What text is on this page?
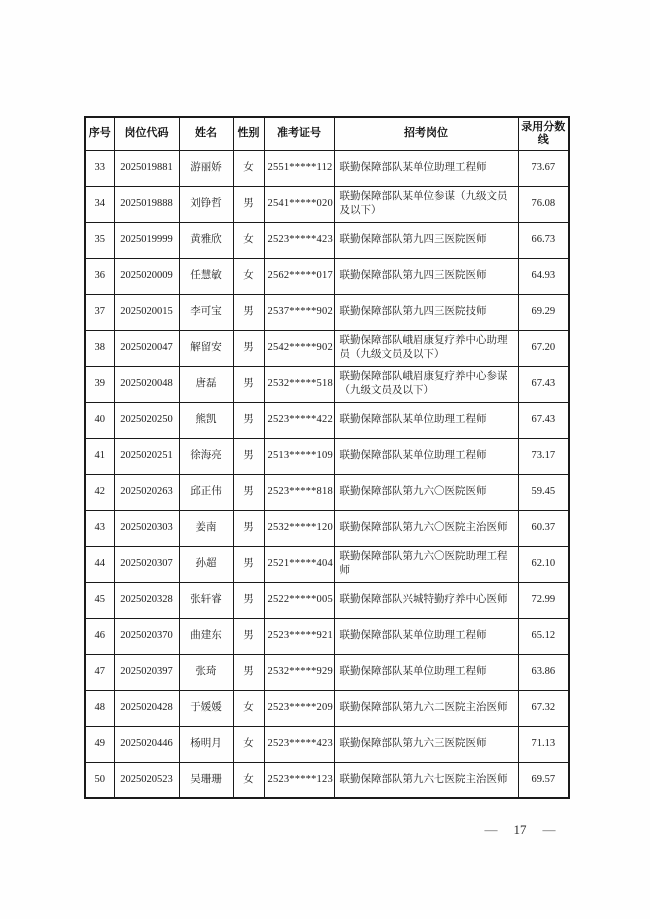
序号	岗位代码	姓名	性别	准考证号	招考岗位	录用分数线
33	2025019881	游丽娇	女	2551*****112	联勤保障部队某单位助理工程师	73.67
34	2025019888	刘铮哲	男	2541*****020	联勤保障部队某单位参谋（九级文员及以下）	76.08
35	2025019999	黄雅欣	女	2523*****423	联勤保障部队第九四三医院医师	66.73
36	2025020009	任慧敏	女	2562*****017	联勤保障部队第九四三医院医师	64.93
37	2025020015	李可宝	男	2537*****902	联勤保障部队第九四三医院技师	69.29
38	2025020047	解留安	男	2542*****902	联勤保障部队峨眉康复疗养中心助理员（九级文员及以下）	67.20
39	2025020048	唐磊	男	2532*****518	联勤保障部队峨眉康复疗养中心参谋（九级文员及以下）	67.43
40	2025020250	熊凯	男	2523*****422	联勤保障部队某单位助理工程师	67.43
41	2025020251	徐海亮	男	2513*****109	联勤保障部队某单位助理工程师	73.17
42	2025020263	邱正伟	男	2523*****818	联勤保障部队第九六〇医院医师	59.45
43	2025020303	姜南	男	2532*****120	联勤保障部队第九六〇医院主治医师	60.37
44	2025020307	孙超	男	2521*****404	联勤保障部队第九六〇医院助理工程师	62.10
45	2025020328	张轩睿	男	2522*****005	联勤保障部队兴城特勤疗养中心医师	72.99
46	2025020370	曲建东	男	2523*****921	联勤保障部队某单位助理工程师	65.12
47	2025020397	张琦	男	2532*****929	联勤保障部队某单位助理工程师	63.86
48	2025020428	于媛媛	女	2523*****209	联勤保障部队第九六二医院主治医师	67.32
49	2025020446	杨明月	女	2523*****423	联勤保障部队第九六三医院医师	71.13
50	2025020523	吴珊珊	女	2523*****123	联勤保障部队第九六七医院主治医师	69.57
— 17 —
